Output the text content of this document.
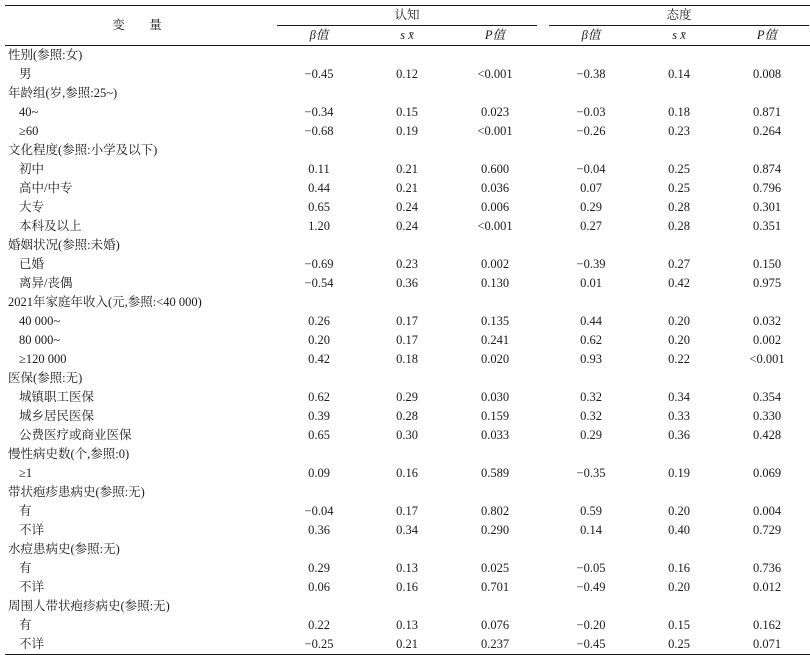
变　量	认知				态度		

	β值	s x̄	P值		β值	s x̄	P值
性别(参照:女)							
男	−0.45	0.12	<0.001		−0.38	0.14	0.008
年龄组(岁,参照:25~)							
40~	−0.34	0.15	0.023		−0.03	0.18	0.871
≥60	−0.68	0.19	<0.001		−0.26	0.23	0.264
文化程度(参照:小学及以下)							
初中	0.11	0.21	0.600		−0.04	0.25	0.874
高中/中专	0.44	0.21	0.036		0.07	0.25	0.796
大专	0.65	0.24	0.006		0.29	0.28	0.301
本科及以上	1.20	0.24	<0.001		0.27	0.28	0.351
婚姻状况(参照:未婚)							
已婚	−0.69	0.23	0.002		−0.39	0.27	0.150
离异/丧偶	−0.54	0.36	0.130		0.01	0.42	0.975
2021年家庭年收入(元,参照:<40 000)							
40 000~	0.26	0.17	0.135		0.44	0.20	0.032
80 000~	0.20	0.17	0.241		0.62	0.20	0.002
≥120 000	0.42	0.18	0.020		0.93	0.22	<0.001
医保(参照:无)							
城镇职工医保	0.62	0.29	0.030		0.32	0.34	0.354
城乡居民医保	0.39	0.28	0.159		0.32	0.33	0.330
公费医疗或商业医保	0.65	0.30	0.033		0.29	0.36	0.428
慢性病史数(个,参照:0)							
≥1	0.09	0.16	0.589		−0.35	0.19	0.069
带状疱疹患病史(参照:无)							
有	−0.04	0.17	0.802		0.59	0.20	0.004
不详	0.36	0.34	0.290		0.14	0.40	0.729
水痘患病史(参照:无)							
有	0.29	0.13	0.025		−0.05	0.16	0.736
不详	0.06	0.16	0.701		−0.49	0.20	0.012
周围人带状疱疹病史(参照:无)							
有	0.22	0.13	0.076		−0.20	0.15	0.162
不详	−0.25	0.21	0.237		−0.45	0.25	0.071
